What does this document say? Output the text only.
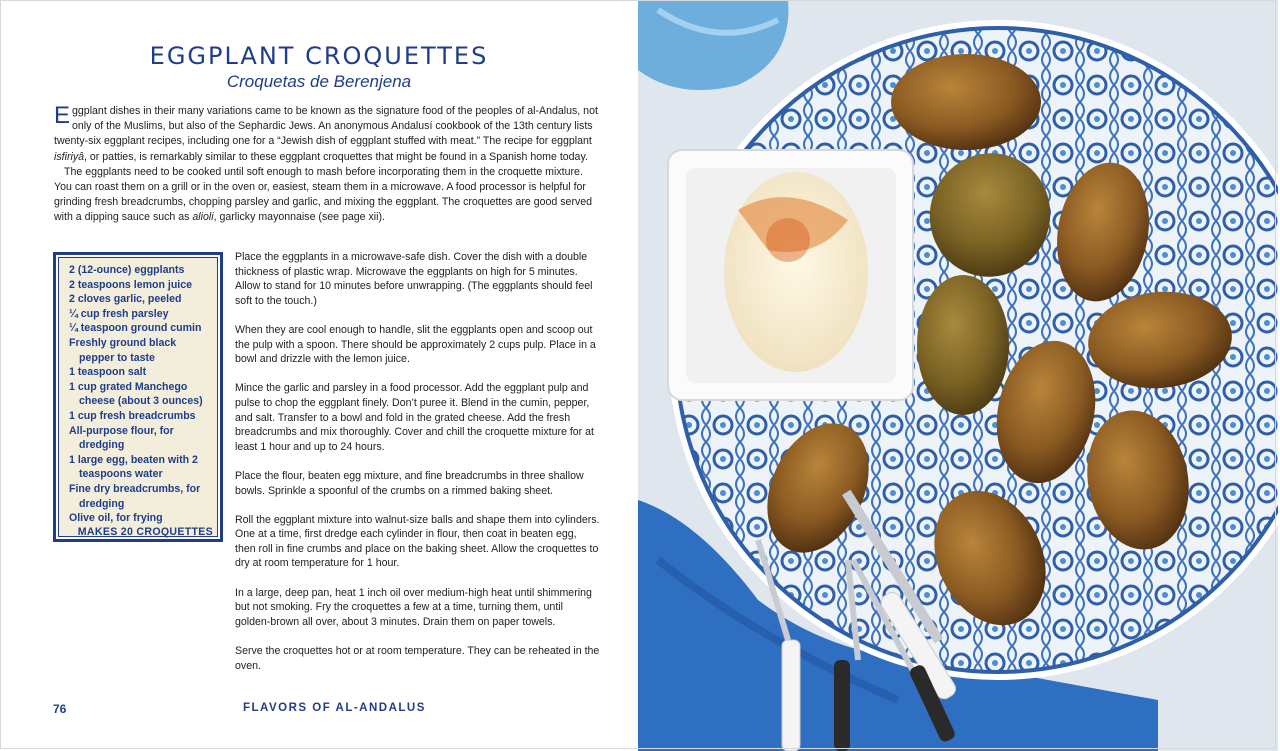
EGGPLANT CROQUETTES
Croquetas de Berenjena

Eggplant dishes in their many variations came to be known as the signature food of the peoples of al-Andalus, not only of the Muslims, but also of the Sephardic Jews. An anonymous Andalusí cookbook of the 13th century lists twenty-six eggplant recipes, including one for a “Jewish dish of eggplant stuffed with meat.” The recipe for eggplant isfiriyâ, or patties, is remarkably similar to these eggplant croquettes that might be found in a Spanish home today.

The eggplants need to be cooked until soft enough to mash before incorporating them in the croquette mixture. You can roast them on a grill or in the oven or, easiest, steam them in a microwave. A food processor is helpful for grinding fresh breadcrumbs, chopping parsley and garlic, and mixing the eggplant. The croquettes are good served with a dipping sauce such as alioli, garlicky mayonnaise (see page xii).

2 (12-ounce) eggplants
2 teaspoons lemon juice
2 cloves garlic, peeled
¼ cup fresh parsley
¼ teaspoon ground cumin
Freshly ground black pepper to taste
1 teaspoon salt
1 cup grated Manchego cheese (about 3 ounces)
1 cup fresh breadcrumbs
All-purpose flour, for dredging
1 large egg, beaten with 2 teaspoons water
Fine dry breadcrumbs, for dredging
Olive oil, for frying
MAKES 20 CROQUETTES

Place the eggplants in a microwave-safe dish. Cover the dish with a double thickness of plastic wrap. Microwave the eggplants on high for 5 minutes. Allow to stand for 10 minutes before unwrapping. (The eggplants should feel soft to the touch.)

When they are cool enough to handle, slit the eggplants open and scoop out the pulp with a spoon. There should be approximately 2 cups pulp. Place in a bowl and drizzle with the lemon juice.

Mince the garlic and parsley in a food processor. Add the eggplant pulp and pulse to chop the eggplant finely. Don’t puree it. Blend in the cumin, pepper, and salt. Transfer to a bowl and fold in the grated cheese. Add the fresh breadcrumbs and mix thoroughly. Cover and chill the croquette mixture for at least 1 hour and up to 24 hours.

Place the flour, beaten egg mixture, and fine breadcrumbs in three shallow bowls. Sprinkle a spoonful of the crumbs on a rimmed baking sheet.

Roll the eggplant mixture into walnut-size balls and shape them into cylinders. One at a time, first dredge each cylinder in flour, then coat in beaten egg, then roll in fine crumbs and place on the baking sheet. Allow the croquettes to dry at room temperature for 1 hour.

In a large, deep pan, heat 1 inch oil over medium-high heat until shimmering but not smoking. Fry the croquettes a few at a time, turning them, until golden-brown all over, about 3 minutes. Drain them on paper towels.

Serve the croquettes hot or at room temperature. They can be reheated in the oven.

76	FLAVORS OF AL-ANDALUS
